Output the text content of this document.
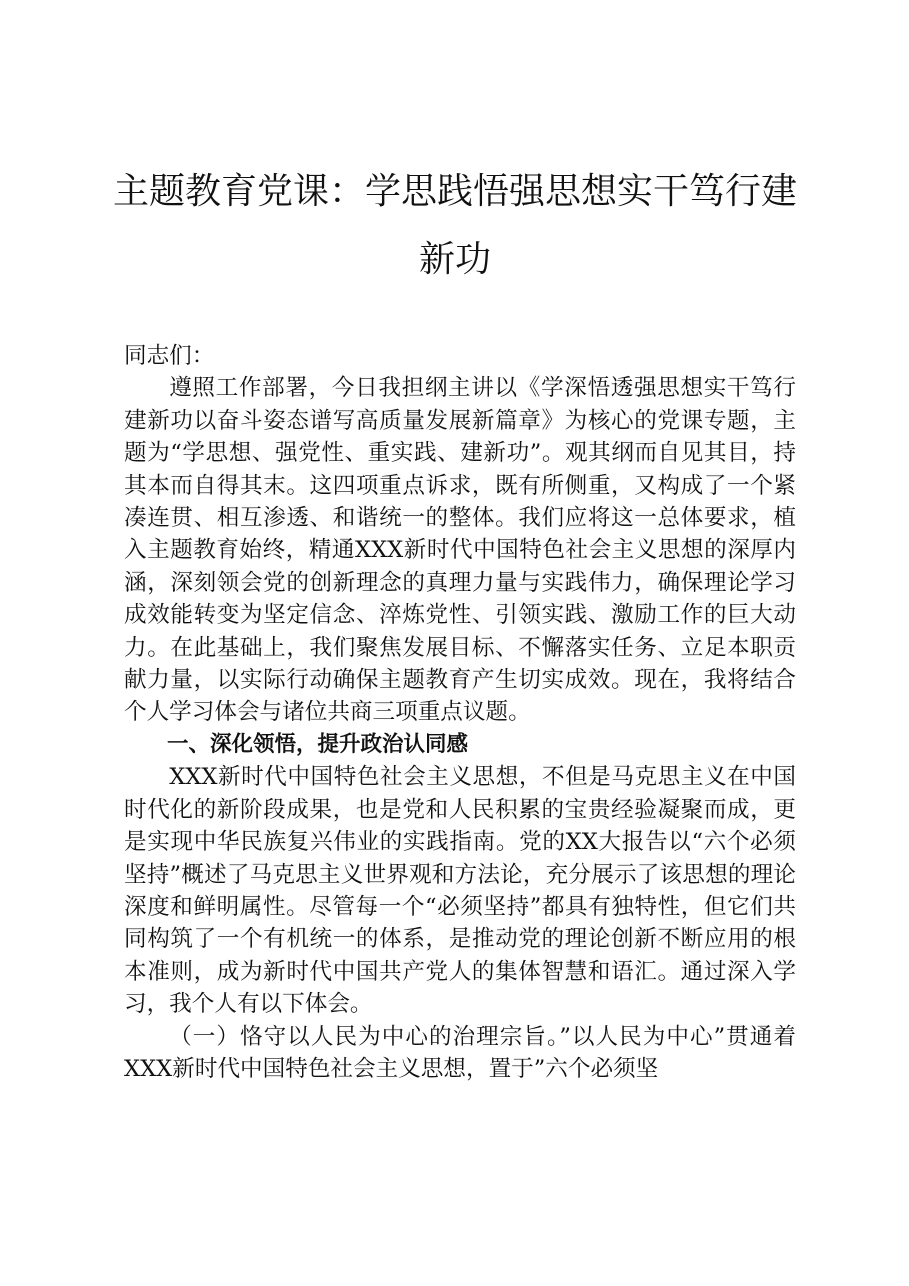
主题教育党课：学思践悟强思想实干笃行建新功

同志们：

遵照工作部署，今日我担纲主讲以《学深悟透强思想实干笃行建新功以奋斗姿态谱写高质量发展新篇章》为核心的党课专题，主题为“学思想、强党性、重实践、建新功”。观其纲而自见其目，持其本而自得其末。这四项重点诉求，既有所侧重，又构成了一个紧凑连贯、相互渗透、和谐统一的整体。我们应将这一总体要求，植入主题教育始终，精通XXX新时代中国特色社会主义思想的深厚内涵，深刻领会党的创新理念的真理力量与实践伟力，确保理论学习成效能转变为坚定信念、淬炼党性、引领实践、激励工作的巨大动力。在此基础上，我们聚焦发展目标、不懈落实任务、立足本职贡献力量，以实际行动确保主题教育产生切实成效。现在，我将结合个人学习体会与诸位共商三项重点议题。

一、深化领悟，提升政治认同感

XXX新时代中国特色社会主义思想，不但是马克思主义在中国时代化的新阶段成果，也是党和人民积累的宝贵经验凝聚而成，更是实现中华民族复兴伟业的实践指南。党的XX大报告以“六个必须坚持”概述了马克思主义世界观和方法论，充分展示了该思想的理论深度和鲜明属性。尽管每一个“必须坚持”都具有独特性，但它们共同构筑了一个有机统一的体系，是推动党的理论创新不断应用的根本准则，成为新时代中国共产党人的集体智慧和语汇。通过深入学习，我个人有以下体会。

（一）恪守以人民为中心的治理宗旨。”以人民为中心”贯通着XXX新时代中国特色社会主义思想，置于”六个必须坚
